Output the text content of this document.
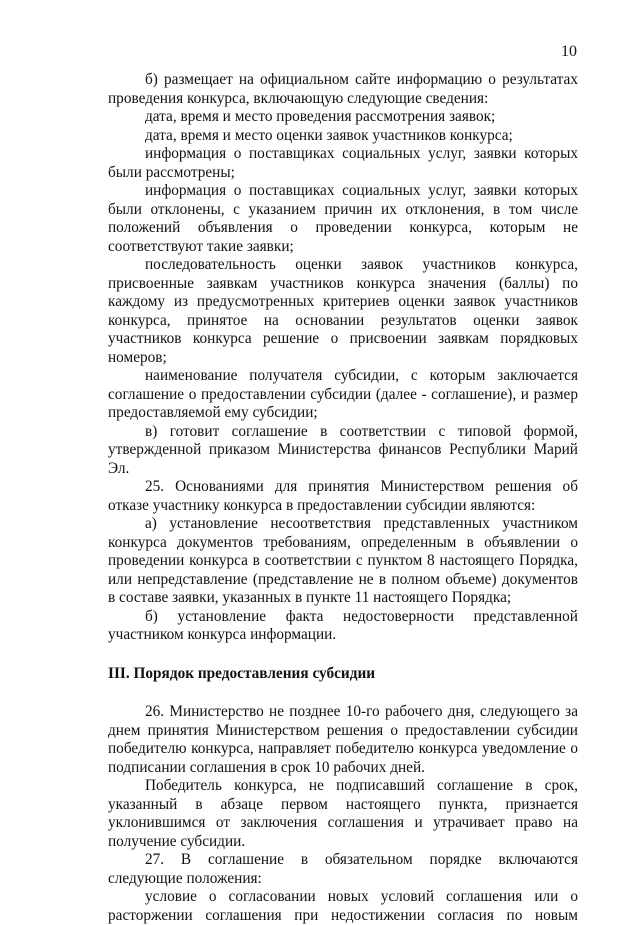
10

б) размещает на официальном сайте информацию о результатах проведения конкурса, включающую следующие сведения:

дата, время и место проведения рассмотрения заявок;

дата, время и место оценки заявок участников конкурса;

информация о поставщиках социальных услуг, заявки которых были рассмотрены;

информация о поставщиках социальных услуг, заявки которых были отклонены, с указанием причин их отклонения, в том числе положений объявления о проведении конкурса, которым не соответствуют такие заявки;

последовательность оценки заявок участников конкурса, присвоенные заявкам участников конкурса значения (баллы) по каждому из предусмотренных критериев оценки заявок участников конкурса, принятое на основании результатов оценки заявок участников конкурса решение о присвоении заявкам порядковых номеров;

наименование получателя субсидии, с которым заключается соглашение о предоставлении субсидии (далее - соглашение), и размер предоставляемой ему субсидии;

в) готовит соглашение в соответствии с типовой формой, утвержденной приказом Министерства финансов Республики Марий Эл.

25. Основаниями для принятия Министерством решения об отказе участнику конкурса в предоставлении субсидии являются:

а) установление несоответствия представленных участником конкурса документов требованиям, определенным в объявлении о проведении конкурса в соответствии с пунктом 8 настоящего Порядка, или непредставление (представление не в полном объеме) документов в составе заявки, указанных в пункте 11 настоящего Порядка;

б) установление факта недостоверности представленной участником конкурса информации.

III. Порядок предоставления субсидии

26. Министерство не позднее 10-го рабочего дня, следующего за днем принятия Министерством решения о предоставлении субсидии победителю конкурса, направляет победителю конкурса уведомление о подписании соглашения в срок 10 рабочих дней.

Победитель конкурса, не подписавший соглашение в срок, указанный в абзаце первом настоящего пункта, признается уклонившимся от заключения соглашения и утрачивает право на получение субсидии.

27. В соглашение в обязательном порядке включаются следующие положения:

условие о согласовании новых условий соглашения или о расторжении соглашения при недостижении согласия по новым
